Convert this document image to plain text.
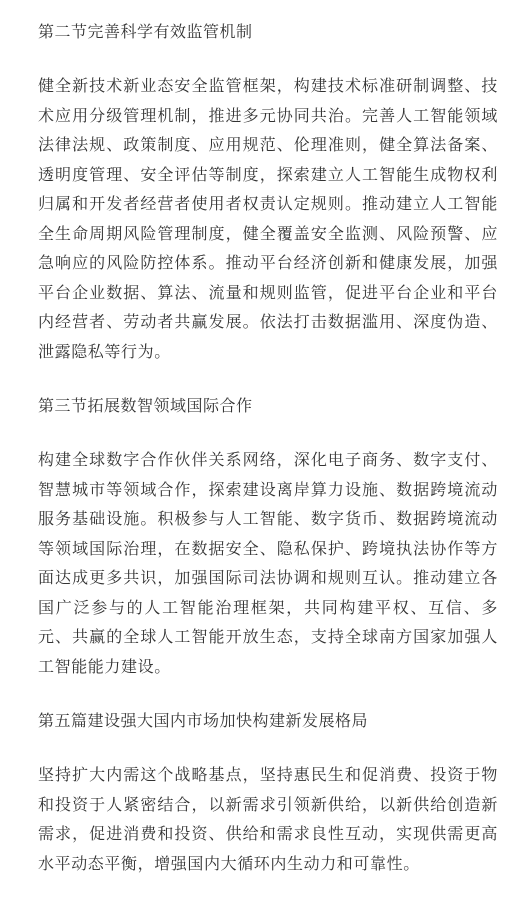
第二节完善科学有效监管机制
健全新技术新业态安全监管框架，构建技术标准研制调整、技术应用分级管理机制，推进多元协同共治。完善人工智能领域法律法规、政策制度、应用规范、伦理准则，健全算法备案、透明度管理、安全评估等制度，探索建立人工智能生成物权利归属和开发者经营者使用者权责认定规则。推动建立人工智能全生命周期风险管理制度，健全覆盖安全监测、风险预警、应急响应的风险防控体系。推动平台经济创新和健康发展，加强平台企业数据、算法、流量和规则监管，促进平台企业和平台内经营者、劳动者共赢发展。依法打击数据滥用、深度伪造、泄露隐私等行为。
第三节拓展数智领域国际合作
构建全球数字合作伙伴关系网络，深化电子商务、数字支付、智慧城市等领域合作，探索建设离岸算力设施、数据跨境流动服务基础设施。积极参与人工智能、数字货币、数据跨境流动等领域国际治理，在数据安全、隐私保护、跨境执法协作等方面达成更多共识，加强国际司法协调和规则互认。推动建立各国广泛参与的人工智能治理框架，共同构建平权、互信、多元、共赢的全球人工智能开放生态，支持全球南方国家加强人工智能能力建设。
第五篇建设强大国内市场加快构建新发展格局
坚持扩大内需这个战略基点，坚持惠民生和促消费、投资于物和投资于人紧密结合，以新需求引领新供给，以新供给创造新需求，促进消费和投资、供给和需求良性互动，实现供需更高水平动态平衡，增强国内大循环内生动力和可靠性。
